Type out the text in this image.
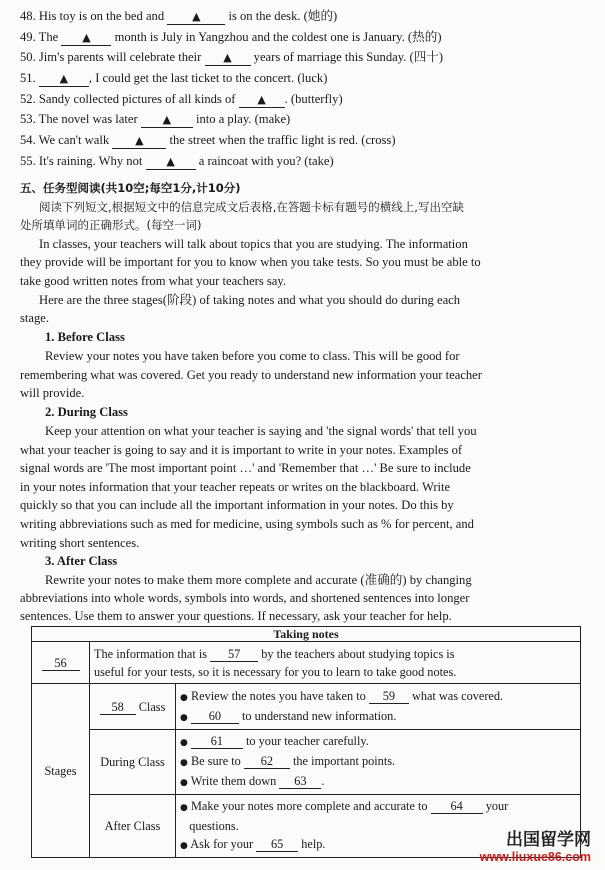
48. His toy is on the bed and	▲ is on the desk. (她的)
49. The ▲ month is July in Yangzhou and the coldest one is January. (热的)
50. Jim's parents will celebrate their ▲ years of marriage this Sunday. (四十)
51. ▲ , I could get the last ticket to the concert. (luck)
52. Sandy collected pictures of all kinds of ▲ . (butterfly)
53. The novel was later ▲ into a play. (make)
54. We can't walk ▲ the street when the traffic light is red. (cross)
55. It's raining. Why not ▲ a raincoat with you? (take)
五、任务型阅读(共10空;每空1分,计10分)
阅读下列短文,根据短文中的信息完成文后表格,在答题卡标有题号的横线上,写出空缺
处所填单词的正确形式。(每空一词)
In classes, your teachers will talk about topics that you are studying. The information
they provide will be important for you to know when you take tests. So you must be able to
take good written notes from what your teachers say.
Here are the three stages(阶段) of taking notes and what you should do during each
stage.
1. Before Class
Review your notes you have taken before you come to class. This will be good for
remembering what was covered. Get you ready to understand new information your teacher
will provide.
2. During Class
Keep your attention on what your teacher is saying and 'the signal words' that tell you
what your teacher is going to say and it is important to write in your notes. Examples of
signal words are 'The most important point …' and 'Remember that …' Be sure to include
in your notes information that your teacher repeats or writes on the blackboard. Write
quickly so that you can include all the important information in your notes. Do this by
writing abbreviations such as med for medicine, using symbols such as % for percent, and
writing short sentences.
3. After Class
Rewrite your notes to make them more complete and accurate (准确的) by changing
abbreviations into whole words, symbols into words, and shortened sentences into longer
sentences. Use them to answer your questions. If necessary, ask your teacher for help.
Taking notes		
56	The information that is 57 by the teachers about studying topics is
useful for your tests, so it is necessary for you to learn to take good notes.	
Stages	58 Class	● Review the notes you have taken to 59 what was covered.
● 60 to understand new information.
	During Class	● 61 to your teacher carefully.
● Be sure to 62 the important points.
● Write them down 63 .
	After Class	● Make your notes more complete and accurate to 64 your
questions.
● Ask for your 65 help.	出国留学网
www.liuxue86.com
